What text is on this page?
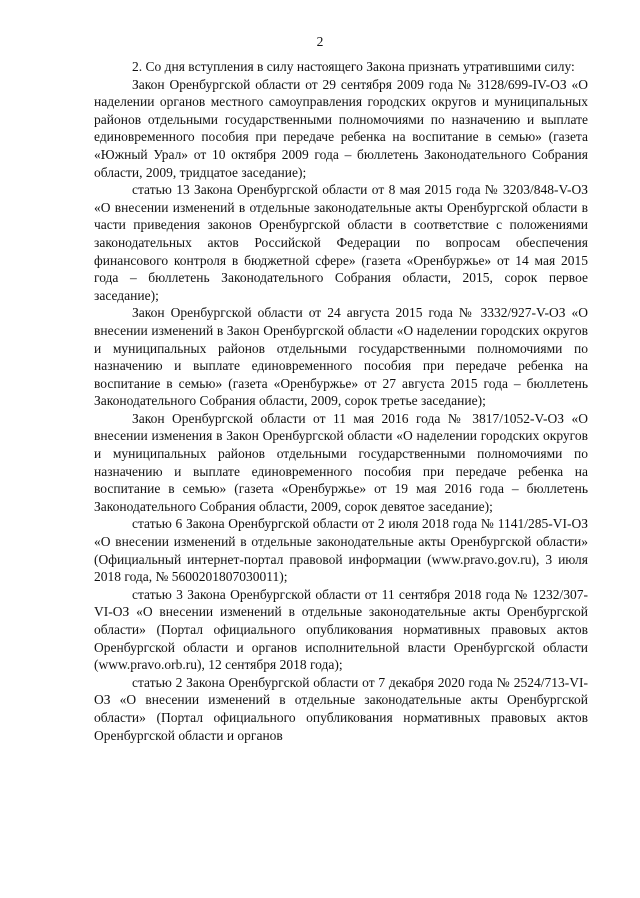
2

2. Со дня вступления в силу настоящего Закона признать утратившими силу:

Закон Оренбургской области от 29 сентября 2009 года № 3128/699-IV-ОЗ «О наделении органов местного самоуправления городских округов и муниципальных районов отдельными государственными полномочиями по назначению и выплате единовременного пособия при передаче ребенка на воспитание в семью» (газета «Южный Урал» от 10 октября 2009 года – бюллетень Законодательного Собрания области, 2009, тридцатое заседание);

статью 13 Закона Оренбургской области от 8 мая 2015 года № 3203/848-V-ОЗ «О внесении изменений в отдельные законодательные акты Оренбургской области в части приведения законов Оренбургской области в соответствие с положениями законодательных актов Российской Федерации по вопросам обеспечения финансового контроля в бюджетной сфере» (газета «Оренбуржье» от 14 мая 2015 года – бюллетень Законодательного Собрания области, 2015, сорок первое заседание);

Закон Оренбургской области от 24 августа 2015 года № 3332/927-V-ОЗ «О внесении изменений в Закон Оренбургской области «О наделении городских округов и муниципальных районов отдельными государственными полномочиями по назначению и выплате единовременного пособия при передаче ребенка на воспитание в семью» (газета «Оренбуржье» от 27 августа 2015 года – бюллетень Законодательного Собрания области, 2009, сорок третье заседание);

Закон Оренбургской области от 11 мая 2016 года № 3817/1052-V-ОЗ «О внесении изменения в Закон Оренбургской области «О наделении городских округов и муниципальных районов отдельными государственными полномочиями по назначению и выплате единовременного пособия при передаче ребенка на воспитание в семью» (газета «Оренбуржье» от 19 мая 2016 года – бюллетень Законодательного Собрания области, 2009, сорок девятое заседание);

статью 6 Закона Оренбургской области от 2 июля 2018 года № 1141/285-VI-ОЗ «О внесении изменений в отдельные законодательные акты Оренбургской области» (Официальный интернет-портал правовой информации (www.pravo.gov.ru), 3 июля 2018 года, № 5600201807030011);

статью 3 Закона Оренбургской области от 11 сентября 2018 года № 1232/307-VI-ОЗ «О внесении изменений в отдельные законодательные акты Оренбургской области» (Портал официального опубликования нормативных правовых актов Оренбургской области и органов исполнительной власти Оренбургской области (www.pravo.orb.ru), 12 сентября 2018 года);

статью 2 Закона Оренбургской области от 7 декабря 2020 года № 2524/713-VI-ОЗ «О внесении изменений в отдельные законодательные акты Оренбургской области» (Портал официального опубликования нормативных правовых актов Оренбургской области и органов
